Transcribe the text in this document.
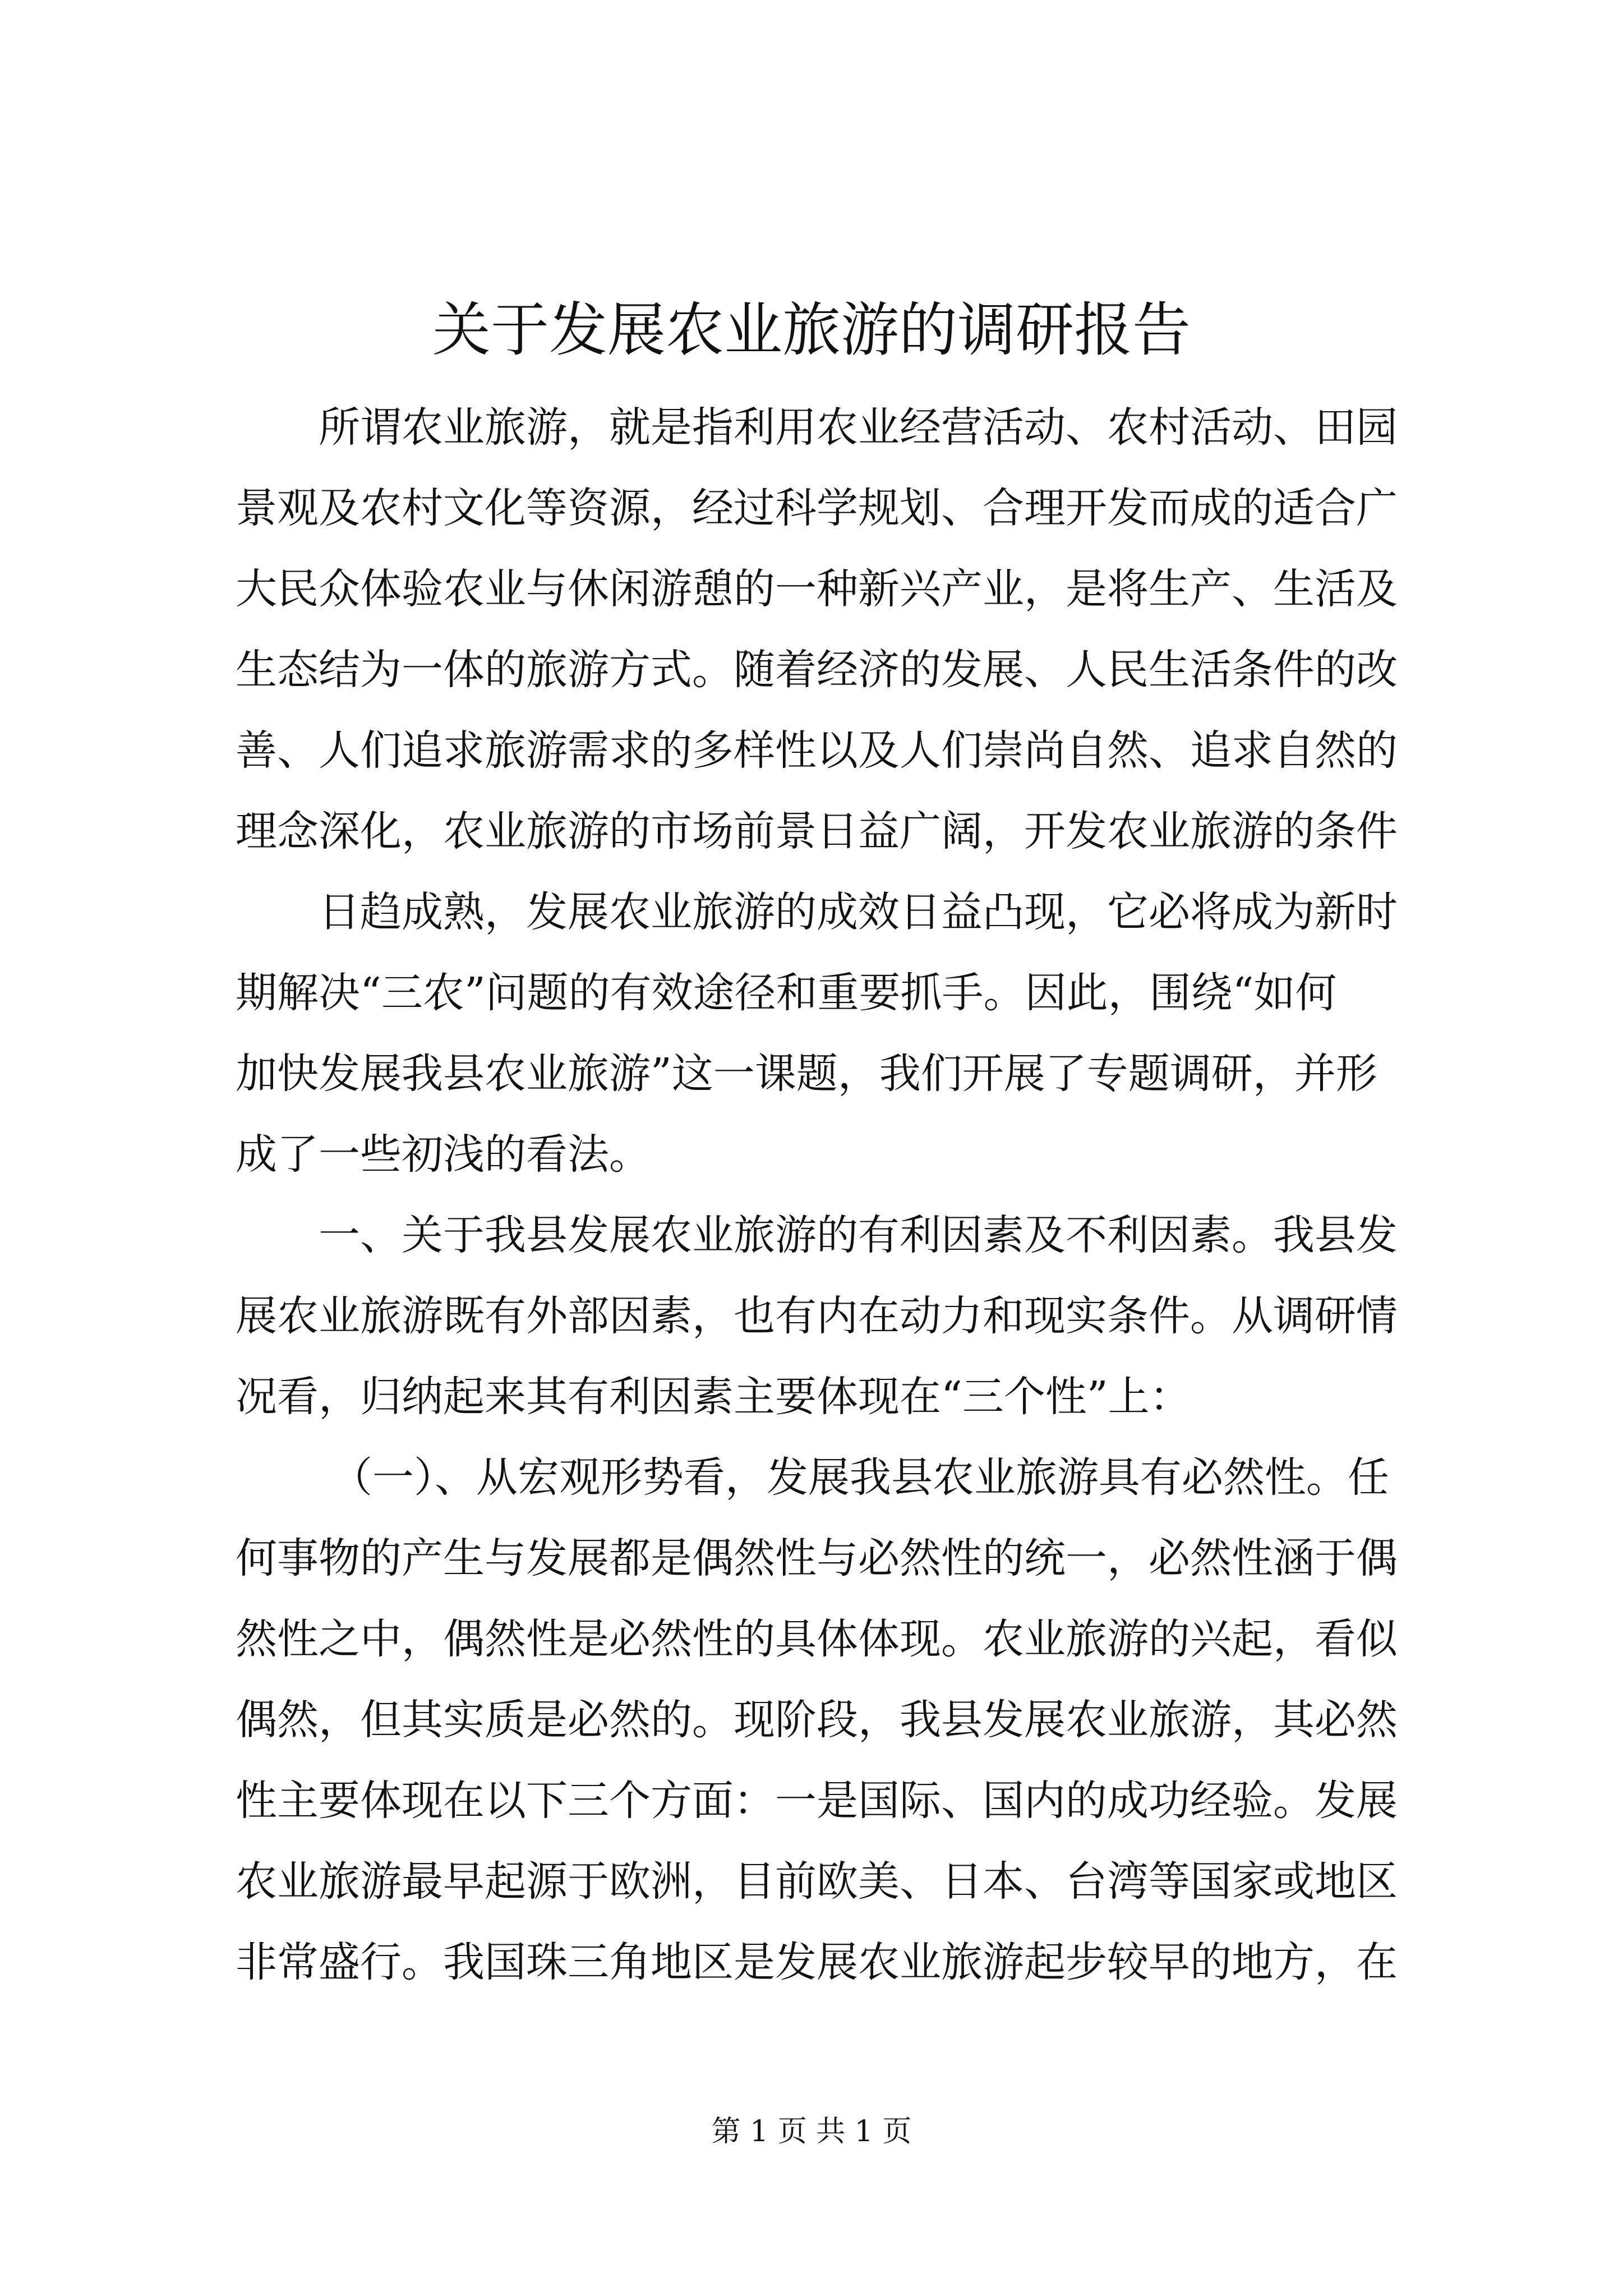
关于发展农业旅游的调研报告

所谓农业旅游，就是指利用农业经营活动、农村活动、田园

景观及农村文化等资源，经过科学规划、合理开发而成的适合广

大民众体验农业与休闲游憩的一种新兴产业，是将生产、生活及

生态结为一体的旅游方式。随着经济的发展、人民生活条件的改

善、人们追求旅游需求的多样性以及人们崇尚自然、追求自然的

理念深化，农业旅游的市场前景日益广阔，开发农业旅游的条件

日趋成熟，发展农业旅游的成效日益凸现，它必将成为新时

期解决“三农”问题的有效途径和重要抓手。因此，围绕“如何

加快发展我县农业旅游”这一课题，我们开展了专题调研，并形

成了一些初浅的看法。

一、关于我县发展农业旅游的有利因素及不利因素。我县发

展农业旅游既有外部因素，也有内在动力和现实条件。从调研情

况看，归纳起来其有利因素主要体现在“三个性”上：

（一）、从宏观形势看，发展我县农业旅游具有必然性。任

何事物的产生与发展都是偶然性与必然性的统一，必然性涵于偶

然性之中，偶然性是必然性的具体体现。农业旅游的兴起，看似

偶然，但其实质是必然的。现阶段，我县发展农业旅游，其必然

性主要体现在以下三个方面：一是国际、国内的成功经验。发展

农业旅游最早起源于欧洲，目前欧美、日本、台湾等国家或地区

非常盛行。我国珠三角地区是发展农业旅游起步较早的地方，在

第 1 页 共 1 页
